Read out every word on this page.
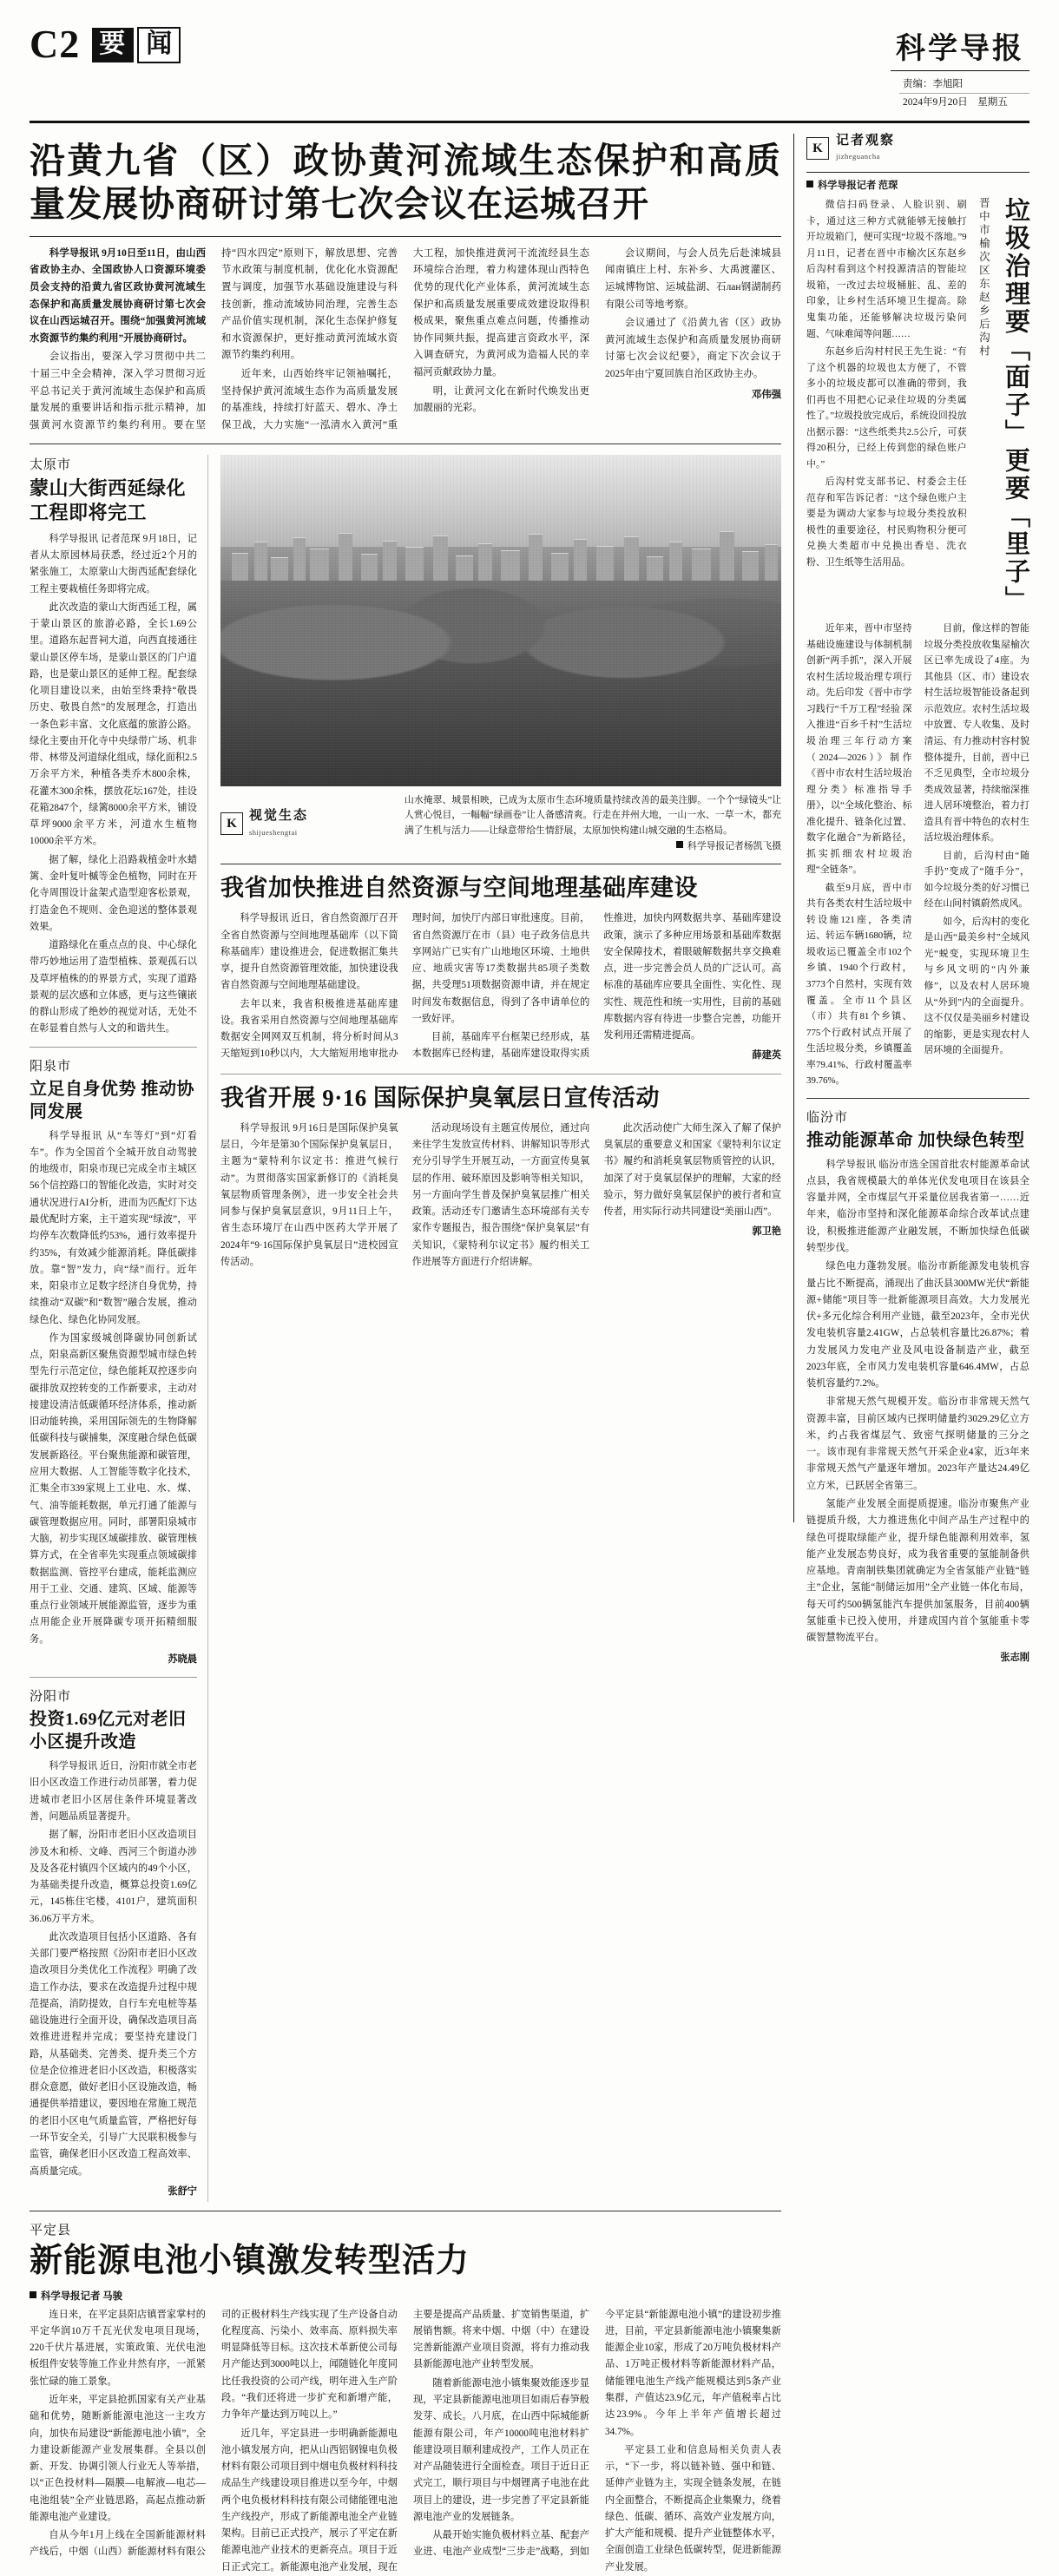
C2 要 闻	科学导报
责编：李旭阳
2024年9月20日　星期五
沿黄九省（区）政协黄河流域生态保护和高质量发展协商研讨第七次会议在运城召开

科学导报讯 9月10日至11日，由山西省政协主办、全国政协人口资源环境委员会支持的沿黄九省区政协黄河流域生态保护和高质量发展协商研讨第七次会议在山西运城召开。围绕“加强黄河流域水资源节约集约利用”开展协商研讨。

会议指出，要深入学习贯彻中共二十届三中全会精神，深入学习贯彻习近平总书记关于黄河流域生态保护和高质量发展的重要讲话和指示批示精神，加强黄河水资源节约集约利用。要在坚持“四水四定”原则下，解放思想、完善节水政策与制度机制，优化化水资源配置与调度，加强节水基础设施建设与科技创新，推动流域协同治理，完善生态产品价值实现机制，深化生态保护修复和水资源保护，更好推动黄河流域水资源节约集约利用。

近年来，山西始终牢记领袖嘱托，坚持保护黄河流域生态作为高质量发展的基准线，持续打好蓝天、碧水、净土保卫战，大力实施“一泓清水入黄河”重大工程，加快推进黄河干流流经县生态环境综合治理，着力构建体现山西特色优势的现代化产业体系，黄河流域生态保护和高质量发展重要成效建设取得积极成果，聚焦重点难点问题，传播推动协作同频共振，提高建言资政水平，深入调查研究，为黄河成为造福人民的幸福河贡献政协力量。

明，让黄河文化在新时代焕发出更加靓丽的光彩。

会议期间，与会人员先后赴涑城县闻南镇庄上村、东补乡、大禹渡灌区、运城博物馆、运城盐湖、石лан钢湖制药有限公司等地考察。

会议通过了《沿黄九省（区）政协黄河流域生态保护和高质量发展协商研讨第七次会议纪要》，商定下次会议于2025年由宁夏回族自治区政协主办。

邓伟强

太原市
蒙山大街西延绿化工程即将完工

科学导报讯 记者范琛 9月18日，记者从太原园林局获悉，经过近2个月的紧张施工，太原蒙山大街西延配套绿化工程主要栽植任务即将完成。

此次改造的蒙山大街西延工程，属于蒙山景区的旅游必路，全长1.69公里。道路东起晋祠大道，向西直接通往蒙山景区停车场，是蒙山景区的门户道路，也是蒙山景区的延伸工程。配套绿化项目建设以来，由始至终秉持“敬畏历史、敬畏自然”的发展理念，打造出一条色彩丰富、文化底蕴的旅游公路。绿化主要由开化寺中央绿带广场、机非带、林带及河道绿化组成，绿化面积2.5万余平方米，种植各类乔木800余株，花灌木300余株，摆放花坛167处，挂设花箱2847个，绿篱8000余平方米，铺设草坪9000余平方米，河道水生植物10000余平方米。

据了解，绿化上沿路栽植金叶水蜡篱、金叶复叶槭等金色植物，同时在开化寺周围设计盆架式造型迎客松景观，打造金色不规则、金色迎送的整体景观效果。

道路绿化在重点点的良、中心绿化带巧妙地运用了造型植株、景观孤石以及草坪植株的的界景方式，实现了道路景观的层次感和立体感，更与这些镶嵌的群山形成了绝妙的视觉对话，无处不在彰显着自然与人文的和谐共生。

阳泉市
立足自身优势 推动协同发展

科学导报讯 从“车等灯”到“灯看车”。作为全国首个全城开放自动驾驶的地级市，阳泉市现已完成全市主城区56个信控路口的智能化改造，实时对交通状况进行AI分析，进而为匹配灯下达最优配时方案，主干道实现“绿波”，平均停车次数降低约53%，通行效率提升约35%，有效减少能源消耗。降低碳排放。靠“智”发力，向“绿”而行。近年来，阳泉市立足数字经济自身优势，持续推动“双碳”和“数智”融合发展，推动绿色化、绿色化协同发展。

作为国家级城创降碳协同创新试点，阳泉高新区聚焦资源型城市绿色转型先行示范定位，绿色能耗双控逐步向碳排放双控转变的工作新要求，主动对接建设清洁低碳循环经济体系，推动新旧动能转换，采用国际领先的生物降解低碳科技与碳捕集，深度融合绿色低碳发展新路径。平台聚焦能源和碳管理，应用大数据、人工智能等数字化技术，汇集全市339家规上工业电、水、煤、气、油等能耗数据，单元打通了能源与碳管理数据应用。同时，部署阳泉城市大脑，初步实现区域碳排放、碳管理核算方式，在全省率先实现重点领域碳排数据监测、管控平台建成，能耗监测应用于工业、交通、建筑、区域、能源等重点行业领域开展能源监管，逐步为重点用能企业开展降碳专项开拓精细服务。

苏晓晨

汾阳市
投资1.69亿元对老旧小区提升改造

科学导报讯 近日，汾阳市就全市老旧小区改造工作进行动员部署，着力促进城市老旧小区居住条件环境显著改善，问题品质显著提升。

据了解，汾阳市老旧小区改造项目涉及木和桥、文峰、西河三个街道办涉及及各花村镇四个区域内的49个小区，为基础类提升改造，概算总投资1.69亿元，145栋住宅楼，4101户，建筑面积36.06万平方米。

此次改造项目包括小区道路、各有关部门要严格按照《汾阳市老旧小区改造改项目分类优化工作流程》明确了改造工作办法，要求在改造提升过程中规范提高，消防提效，自行车充电桩等基础设施进行全面开设，确保改造项目高效推进进程并完成；要坚持充建设门路，从基础类、完善类、提升类三个方位是企位推进老旧小区改造，积极落实群众意愿，做好老旧小区设施改造，畅通提供举措建议，要因地在常施工规范的老旧小区电气质量监管，严格把好每一环节安全关，引导广大民联积极参与监管，确保老旧小区改造工程高效率、高质量完成。

张舒宁

K
视觉生态
shijueshengtai
山水掩翠、城景相映，已成为太原市生态环境质量持续改善的最美注脚。一个个“绿镜头”让人赏心悦目，一幅幅“绿画卷”让人备感清爽。行走在并州大地，一山一水、一草一木，都充满了生机与活力——让绿意带给生情舒展，太原加快构建山城交融的生态格局。
科学导报记者杨凯飞摄
我省加快推进自然资源与空间地理基础库建设

科学导报讯 近日，省自然资源厅召开全省自然资源与空间地理基础库（以下简称基础库）建设推进会，促进数据汇集共享，提升自然资源管理效能，加快建设我省自然资源与空间地理基础建设。

去年以来，我省积极推进基础库建设。我省采用自然资源与空间地理基础库数据安全网网双互机制，将分析时间从3天缩短到10秒以内，大大缩短用地审批办理时间，加快厅内部日审批速度。目前，省自然资源厅在市（县）电子政务信息共享网站广已实有广山地地区环境、土地供应、地质灾害等17类数据共85项子类数据，共受理51项数据资源申请，并在规定时间发布数据信息，得到了各申请单位的一致好评。

目前，基础库平台框架已经形成，基本数据库已经构建，基础库建设取得实质性推进，加快内网数据共享、基础库建设政策，演示了多种应用场景和基础库数据安全保障技术，着眼破解数据共享交换难点，进一步完善会员人员的广泛认可。高标准的基础库应要具全面性、实化性、现实性、规范性和统一实用性，目前的基础库数据内容有待进一步整合完善，功能开发利用还需精进提高。

薛建英

我省开展 9·16 国际保护臭氧层日宣传活动

科学导报讯 9月16日是国际保护臭氧层日，今年是第30个国际保护臭氧层日，主题为“蒙特利尔议定书：推进气候行动”。为贯彻落实国家新修订的《消耗臭氧层物质管理条例》，进一步安全社会共同参与保护臭氧层意识，9月11日上午，省生态环境厅在山西中医药大学开展了2024年“9·16国际保护臭氧层日”进校园宣传活动。

活动现场设有主题宣传展位，通过向来往学生发放宣传材料、讲解知识等形式充分引导学生开展互动，一方面宣传臭氧层的作用、破环原因及影响等相关知识，另一方面向学生普及保护臭氧层推广相关政策。活动还专门邀请生态环境部有关专家作专题报告，报告围绕“保护臭氧层”有关知识，《蒙特利尔议定书》履约相关工作进展等方面进行介绍讲解。

此次活动使广大师生深入了解了保护臭氧层的重要意义和国家《蒙特利尔议定书》履约和消耗臭氧层物质管控的认识，加深了对于臭氧层保护的理解，大家的经验示，努力做好臭氧层保护的被行者和宣传者，用实际行动共同建设“美丽山西”。

郭卫艳

平定县
新能源电池小镇激发转型活力
科学导报记者 马骏

连日来，在平定县阳店镇晋家掌村的平定华润10万千瓦光伏发电项目现场，220千伏片基进展，实策政策、光伏电池板组件安装等施工作业井然有序，一派紧张忙碌的施工景象。

近年来，平定县抢抓国家有关产业基础和优势，随断新能源电池这一主攻方向，加快布局建设“新能源电池小镇”，全力建设新能源产业发展集群。全县以创新、开发、协调引领人行业无人等举措，以“正色投材料—隔膜—电解液—电芯—电池组装”全产业链思路，高起点推动新能源电池产业建设。

自从今年1月上线在全国新能源材料产线后，中烟（山西）新能源材料有限公司的正极材料生产线实现了生产设备自动化程度高、污染小、效率高、原料损失率明显降低等目标。这次技术革新使公司每月产能达到3000吨以上，闻随链化年度同比任我投资的公司产线，明年进入生产阶段。“我们还将进一步扩充和新增产能，力争年产量达到万吨以上。”

近几年，平定县进一步明确新能源电池小镇发展方向，把从山西铝钢镍电负极材料有限公司项目到中烟电负极材料科技成品生产线建设项目推进以至今年，中烟两个电负极材料科技有限公司储能锂电池生产线投产，形成了新能源电池全产业链架构。目前已正式投产，展示了平定在新能源电池产业技术的更新亮点。项目于近日正式完工。新能源电池产业发展，现在主要是提高产品质量、扩宽销售渠道，扩展销售额。将来中烟、中烟（中）在建设完善新能源产业项目资源，将有力推动我县新能源电池产业转型发展。

随着新能源电池小镇集聚效能逐步显现，平定县新能源电池项目如雨后春笋般发芽、成长。八月底，在山西中际城能新能源有限公司，年产10000吨电池材料扩能建设项目顺利建成投产，工作人员正在对产品随装进行全面检查。项目于近日正式完工，顺行项目与中烟锂离子电池在此项目上的建设，进一步完善了平定县新能源电池产业的发展链条。

从最开始实施负极材料立基、配套产业进、电池产业成型“三步走”战略，到如今平定县“新能源电池小镇”的建设初步推进，目前，平定县新能源电池小镇聚集新能源企业10家，形成了20万吨负极材料产品、1万吨正极材料等新能源材料产品，储能锂电池生产线产能规模达到5条产业集群，产值达23.9亿元，年产值税率占比达23.9%。今年上半年产值增长超过34.7%。

平定县工业和信息局相关负责人表示，“下一步，将以链补链、强中和链、延伸产业链为主，实现全链条发展，在链内全面整合，不断提高企业集聚力，绕着绿色、低碳、循环、高效产业发展方向，扩大产能和规模、提升产业链整体水平，全面创造工业绿色低碳转型，促进新能源产业发展。

K
记者观察
jizheguancha
科学导报记者 范琛

微信扫码登录、人脸识别、刷卡，通过这三种方式就能够无接触打开垃圾箱门，便可实现“垃圾不落地。”9月11日，记者在晋中市榆次区东赵乡后沟村看到这个村投源清洁的智能垃圾箱，一改过去垃圾桶脏、乱、差的印象，让乡村生活环境卫生提高。除鬼集功能，还能够解决垃圾污染问题、气味难闻等问题……

东赵乡后沟村村民王先生说：“有了这个机器的垃圾也太方便了，不管多小的垃圾皮都可以准确的带到，我们再也不用把心记录住垃圾的分类属性了。”垃圾投放完成后，系统设回投放出据示器：“这些纸类共2.5公斤，可获得20积分，已经上传到您的绿色账户中。”

后沟村党支部书记、村委会主任范存和军告诉记者：“这个绿色账户主要是为调动大家参与垃圾分类投放积极性的重要途径，村民购物积分便可兑换大类超市中兑换出香皂、洗衣粉、卫生纸等生活用品。

晋中市榆次区东赵乡后沟村 垃圾治理要「面子」更要「里子」

近年来，晋中市坚持基础设施建设与体制机制创新“两手抓”，深入开展农村生活垃圾治理专项行动。先后印发《晋中市学习践行“千万工程”经验 深入推进“百乡千村”生活垃圾治理三年行动方案（2024—2026）》制作《晋中市农村生活垃圾治理分类》标准指导手册》，以“全域化整治、标准化提升、链条化过置、数字化融合”为新路径，抓实抓细农村垃圾治理“全链条”。

截至9月底，晋中市共有各类农村生活垃圾中转设施121座，各类清运、转运车辆1680辆，垃圾收运已覆盖全市102个乡镇、1940个行政村，3773个自然村，实现有效覆盖。全市11个县区（市）共有81个乡镇、775个行政村试点开展了生活垃圾分类，乡镇覆盖率79.41%、行政村覆盖率39.76%。

目前，像这样的智能垃圾分类投放收集屋榆次区已率先成设了4座。为其他县（区、市）建设农村生活垃圾智能设备起到示范效应。农村生活垃圾中放置、专人收集、及时清运、有力推动村容村貌整体提升，目前，晋中已不乏见典型，全市垃圾分类成效显著，持续缩深推进人居环境整治，着力打造具有晋中特色的农村生活垃圾治理体系。

目前，后沟村由“随手扔”变成了“随手分”，如今垃圾分类的好习惯已经在山间村镇蔚然成风。

如今，后沟村的变化是山西“最美乡村”全域风光“蜕变，实现环境卫生与乡风文明的“内外兼修”，以及农村人居环境从“外到”内的全面提升。这不仅仅是美丽乡村建设的缩影，更是实现农村人居环境的全面提升。

临汾市
推动能源革命 加快绿色转型

科学导报讯 临汾市选全国首批农村能源革命试点县，我省规模最大的单体光伏发电项目在该县全容量并网，全市煤层气开采量位居我省第一……近年来，临汾市坚持和深化能源革命综合改革试点建设，积极推进能源产业融发展，不断加快绿色低碳转型步伐。

绿色电力蓬勃发展。临汾市新能源发电装机容量占比不断提高，涌现出了曲沃县300MW光伏“新能源+储能”项目等一批新能源项目高效。大力发展光伏+多元化综合利用产业链，截至2023年，全市光伏发电装机容量2.41GW，占总装机容量比26.87%；着力发展风力发电产业及风电设备制造产业，截至2023年底，全市风力发电装机容量646.4MW，占总装机容量约7.2%。

非常规天然气规模开发。临汾市非常规天然气资源丰富，目前区域内已探明储量约3029.29亿立方米，约占我省煤层气、致密气探明储量的三分之一。该市现有非常规天然气开采企业4家，近3年来非常规天然气产量逐年增加。2023年产量达24.49亿立方米，已跃居全省第三。

氢能产业发展全面提质提速。临汾市聚焦产业链提质升级，大力推进焦化中间产品生产过程中的绿色可提取绿能产业，提升绿色能源利用效率，氢能产业发展态势良好，成为我省重要的氢能制备供应基地。青南制铁集团就确定为全省氢能产业链“链主”企业，氢能“制储运加用”全产业链一体化布局，每天可约500辆氢能汽车提供加氢服务，目前400辆氢能重卡已投入使用，并建成国内首个氢能重卡零碳智慧物流平台。

张志刚
